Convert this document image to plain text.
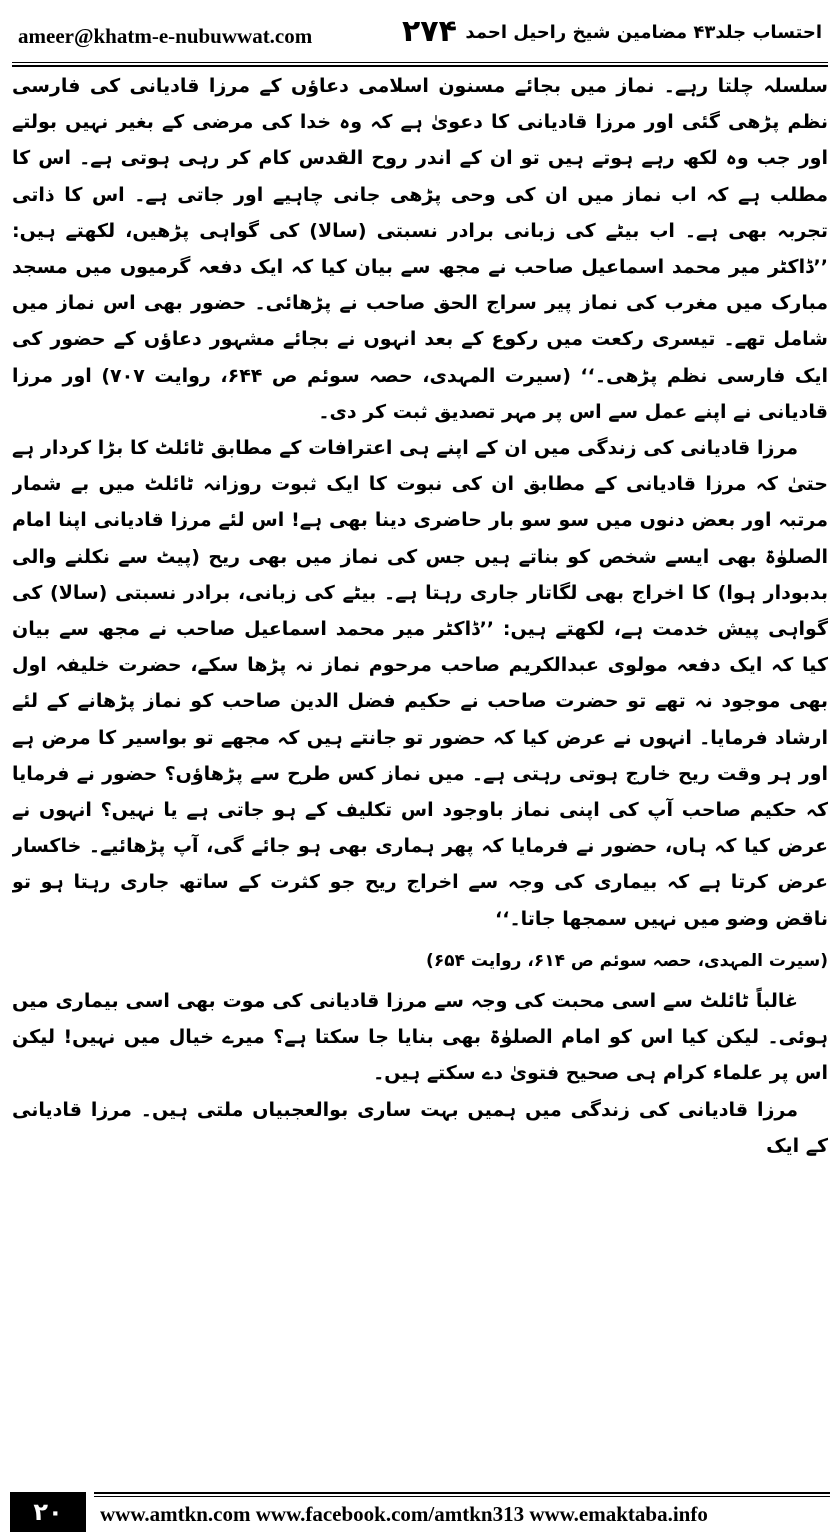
ameer@khatm-e-nubuwwat.com	۲۷۴ احتساب جلد۴۳ مضامین شیخ راحیل احمد

سلسلہ چلتا رہے۔ نماز میں بجائے مسنون اسلامی دعاؤں کے مرزا قادیانی کی فارسی نظم پڑھی گئی اور مرزا قادیانی کا دعویٰ ہے کہ وہ خدا کی مرضی کے بغیر نہیں بولتے اور جب وہ لکھ رہے ہوتے ہیں تو ان کے اندر روح القدس کام کر رہی ہوتی ہے۔ اس کا مطلب ہے کہ اب نماز میں ان کی وحی پڑھی جانی چاہیے اور جاتی ہے۔ اس کا ذاتی تجربہ بھی ہے۔ اب بیٹے کی زبانی برادر نسبتی (سالا) کی گواہی پڑھیں، لکھتے ہیں: ’’ڈاکٹر میر محمد اسماعیل صاحب نے مجھ سے بیان کیا کہ ایک دفعہ گرمیوں میں مسجد مبارک میں مغرب کی نماز پیر سراج الحق صاحب نے پڑھائی۔ حضور بھی اس نماز میں شامل تھے۔ تیسری رکعت میں رکوع کے بعد انہوں نے بجائے مشہور دعاؤں کے حضور کی ایک فارسی نظم پڑھی۔‘‘ (سیرت المہدی، حصہ سوئم ص ۶۴۴، روایت ۷۰۷) اور مرزا قادیانی نے اپنے عمل سے اس پر مہر تصدیق ثبت کر دی۔

مرزا قادیانی کی زندگی میں ان کے اپنے ہی اعترافات کے مطابق ٹائلٹ کا بڑا کردار ہے حتیٰ کہ مرزا قادیانی کے مطابق ان کی نبوت کا ایک ثبوت روزانہ ٹائلٹ میں بے شمار مرتبہ اور بعض دنوں میں سو سو بار حاضری دینا بھی ہے! اس لئے مرزا قادیانی اپنا امام الصلوٰۃ بھی ایسے شخص کو بناتے ہیں جس کی نماز میں بھی ریح (پیٹ سے نکلنے والی بدبودار ہوا) کا اخراج بھی لگاتار جاری رہتا ہے۔ بیٹے کی زبانی، برادر نسبتی (سالا) کی گواہی پیش خدمت ہے، لکھتے ہیں: ’’ڈاکٹر میر محمد اسماعیل صاحب نے مجھ سے بیان کیا کہ ایک دفعہ مولوی عبدالکریم صاحب مرحوم نماز نہ پڑھا سکے، حضرت خلیفہ اول بھی موجود نہ تھے تو حضرت صاحب نے حکیم فضل الدین صاحب کو نماز پڑھانے کے لئے ارشاد فرمایا۔ انہوں نے عرض کیا کہ حضور تو جانتے ہیں کہ مجھے تو بواسیر کا مرض ہے اور ہر وقت ریح خارج ہوتی رہتی ہے۔ میں نماز کس طرح سے پڑھاؤں؟ حضور نے فرمایا کہ حکیم صاحب آپ کی اپنی نماز باوجود اس تکلیف کے ہو جاتی ہے یا نہیں؟ انہوں نے عرض کیا کہ ہاں، حضور نے فرمایا کہ پھر ہماری بھی ہو جائے گی، آپ پڑھائیے۔ خاکسار عرض کرتا ہے کہ بیماری کی وجہ سے اخراج ریح جو کثرت کے ساتھ جاری رہتا ہو تو ناقض وضو میں نہیں سمجھا جاتا۔‘‘

(سیرت المہدی، حصہ سوئم ص ۶۱۴، روایت ۶۵۴)

غالباً ٹائلٹ سے اسی محبت کی وجہ سے مرزا قادیانی کی موت بھی اسی بیماری میں ہوئی۔ لیکن کیا اس کو امام الصلوٰۃ بھی بنایا جا سکتا ہے؟ میرے خیال میں نہیں! لیکن اس پر علماء کرام ہی صحیح فتویٰ دے سکتے ہیں۔

مرزا قادیانی کی زندگی میں ہمیں بہت ساری بوالعجبیاں ملتی ہیں۔ مرزا قادیانی کے ایک

۲۰	www.amtkn.com www.facebook.com/amtkn313 www.emaktaba.info
